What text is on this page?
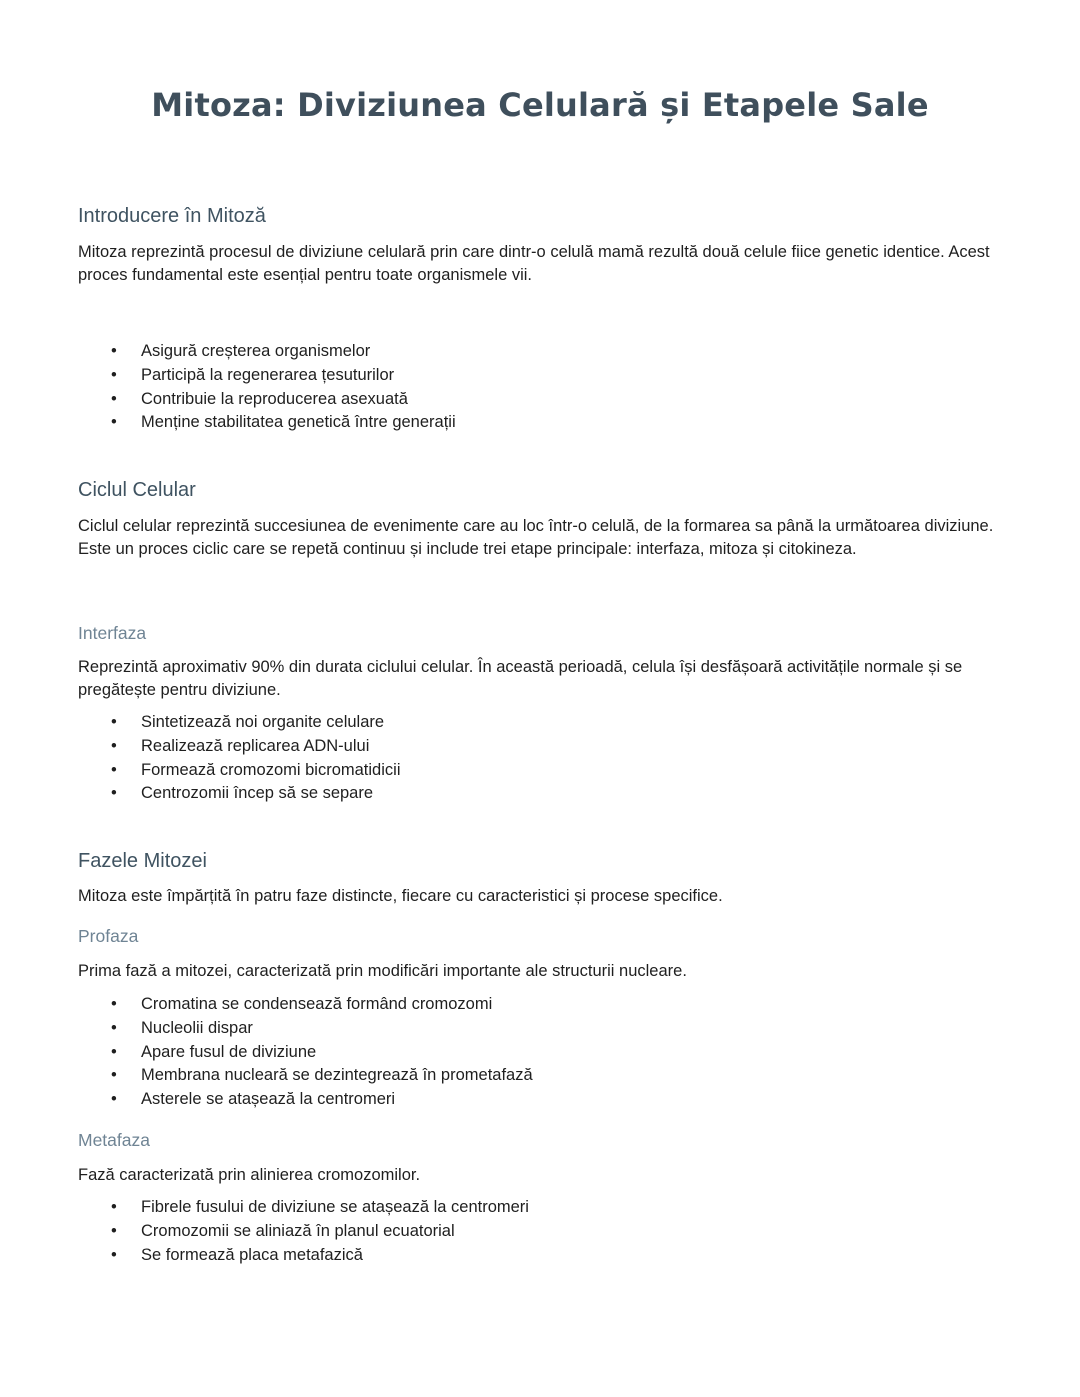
Mitoza: Diviziunea Celulară și Etapele Sale
Introducere în Mitoză
Mitoza reprezintă procesul de diviziune celulară prin care dintr-o celulă mamă rezultă două celule fiice genetic identice. Acest proces fundamental este esențial pentru toate organismele vii.
• Asigură creșterea organismelor
• Participă la regenerarea țesuturilor
• Contribuie la reproducerea asexuată
• Menține stabilitatea genetică între generații
Ciclul Celular
Ciclul celular reprezintă succesiunea de evenimente care au loc într-o celulă, de la formarea sa până la următoarea diviziune. Este un proces ciclic care se repetă continuu și include trei etape principale: interfaza, mitoza și citokineza.
Interfaza
Reprezintă aproximativ 90% din durata ciclului celular. În această perioadă, celula își desfășoară activitățile normale și se pregătește pentru diviziune.
• Sintetizează noi organite celulare
• Realizează replicarea ADN-ului
• Formează cromozomi bicromatidicii
• Centrozomii încep să se separe
Fazele Mitozei
Mitoza este împărțită în patru faze distincte, fiecare cu caracteristici și procese specifice.
Profaza
Prima fază a mitozei, caracterizată prin modificări importante ale structurii nucleare.
• Cromatina se condensează formând cromozomi
• Nucleolii dispar
• Apare fusul de diviziune
• Membrana nucleară se dezintegrează în prometafază
• Asterele se atașează la centromeri
Metafaza
Fază caracterizată prin alinierea cromozomilor.
• Fibrele fusului de diviziune se atașează la centromeri
• Cromozomii se aliniază în planul ecuatorial
• Se formează placa metafazică
